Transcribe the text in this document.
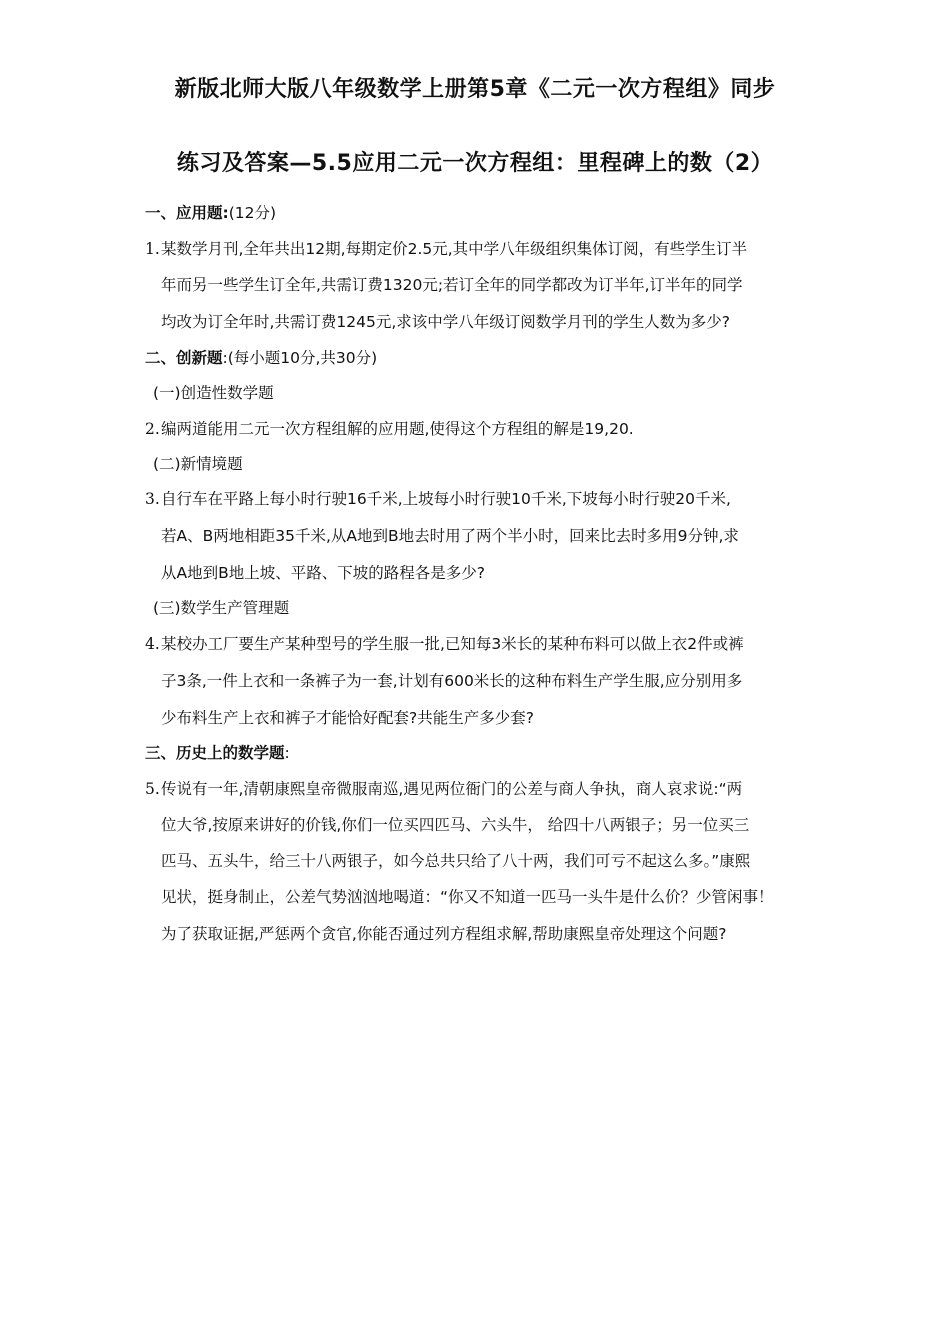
新版北师大版八年级数学上册第5章《二元一次方程组》同步
练习及答案—5.5应用二元一次方程组：里程碑上的数（2）
一、应用题:(12分)
1. 某数学月刊,全年共出12期,每期定价2.5元,其中学八年级组织集体订阅，有些学生订半
年而另一些学生订全年,共需订费1320元;若订全年的同学都改为订半年,订半年的同学
均改为订全年时,共需订费1245元,求该中学八年级订阅数学月刊的学生人数为多少?
二、创新题:(每小题10分,共30分)
(一)创造性数学题
2. 编两道能用二元一次方程组解的应用题,使得这个方程组的解是19,20.
(二)新情境题
3. 自行车在平路上每小时行驶16千米,上坡每小时行驶10千米,下坡每小时行驶20千米,
若A、B两地相距35千米,从A地到B地去时用了两个半小时，回来比去时多用9分钟,求
从A地到B地上坡、平路、下坡的路程各是多少?
(三)数学生产管理题
4. 某校办工厂要生产某种型号的学生服一批,已知每3米长的某种布料可以做上衣2件或裤
子3条,一件上衣和一条裤子为一套,计划有600米长的这种布料生产学生服,应分别用多
少布料生产上衣和裤子才能恰好配套?共能生产多少套?
三、历史上的数学题:
5. 传说有一年,清朝康熙皇帝微服南巡,遇见两位衙门的公差与商人争执，商人哀求说:“两
位大爷,按原来讲好的价钱,你们一位买四匹马、六头牛， 给四十八两银子；另一位买三
匹马、五头牛，给三十八两银子，如今总共只给了八十两，我们可亏不起这么多。”康熙
见状，挺身制止，公差气势汹汹地喝道：“你又不知道一匹马一头牛是什么价？少管闲事！
为了获取证据,严惩两个贪官,你能否通过列方程组求解,帮助康熙皇帝处理这个问题?
